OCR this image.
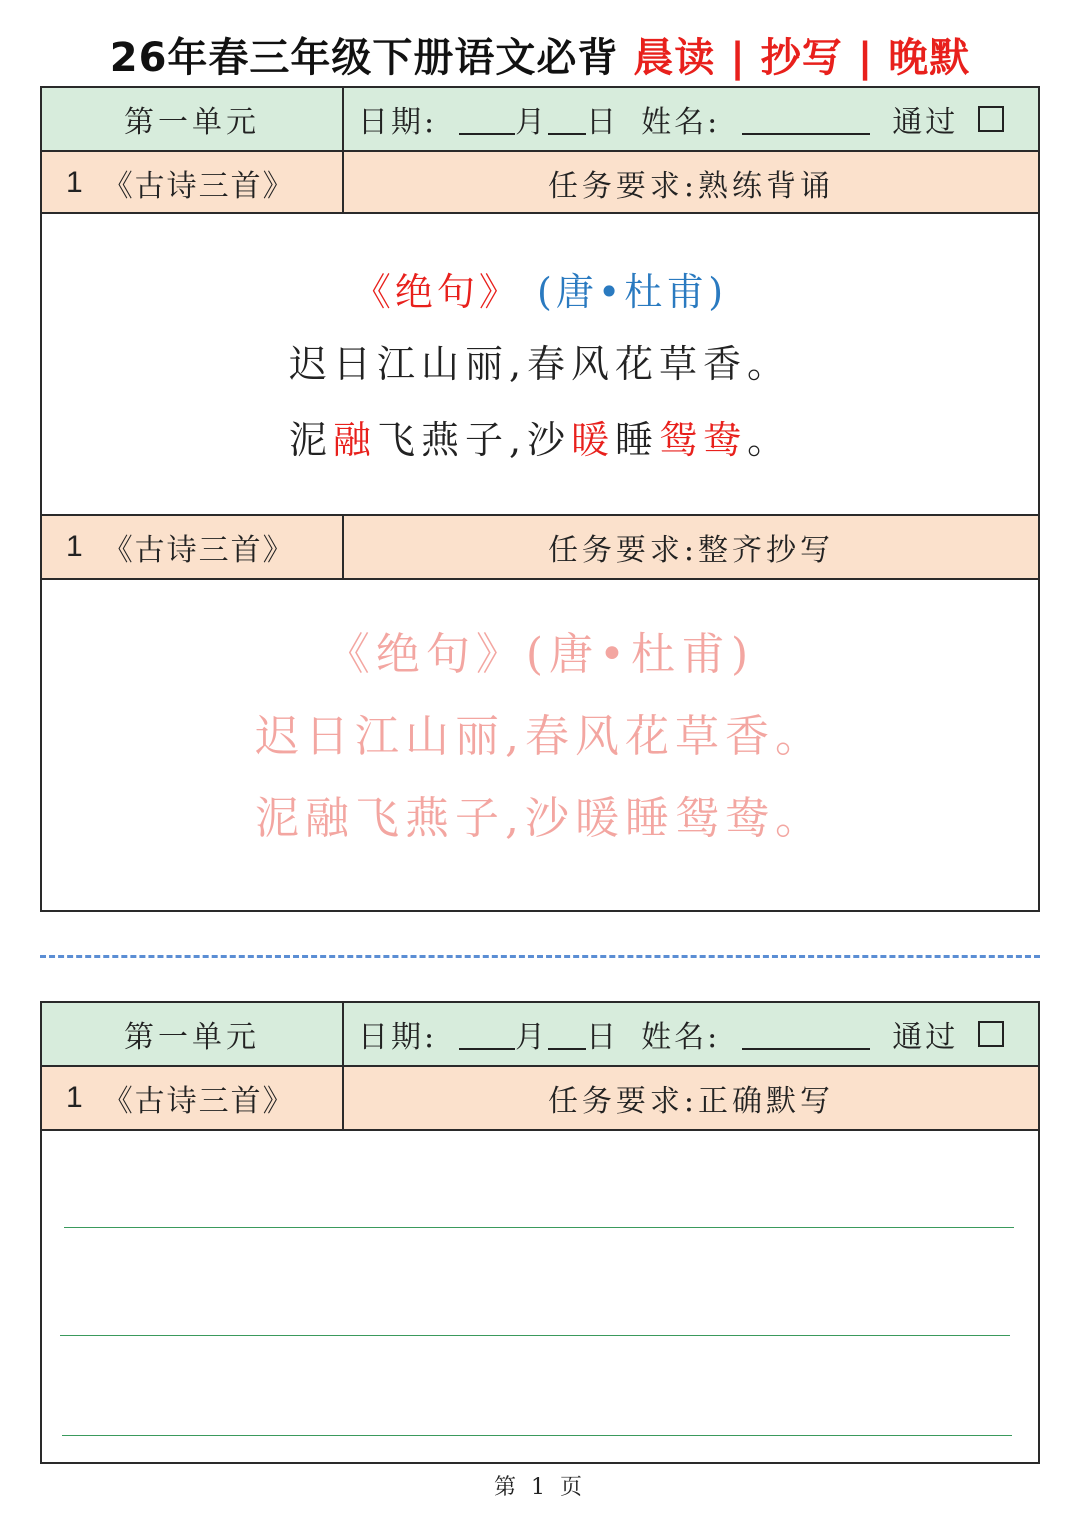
26年春三年级下册语文必背 晨读 | 抄写 | 晚默
第一单元	日期:	月 日 姓名:	通过
1 《古诗三首》	任务要求:熟练背诵
《绝句》 (唐•杜甫)
迟日江山丽,春风花草香。
泥融飞燕子,沙暖睡鸳鸯。
1 《古诗三首》	任务要求:整齐抄写
《绝句》(唐•杜甫)
迟日江山丽,春风花草香。
泥融飞燕子,沙暖睡鸳鸯。
第一单元	日期:	月 日 姓名:	通过
1 《古诗三首》	任务要求:正确默写
第 1 页
